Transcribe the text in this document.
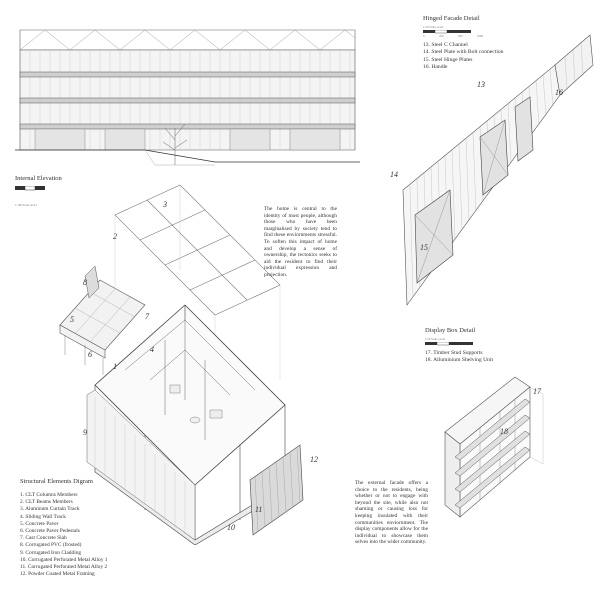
Internal Elevation
1:100 Scale on A1
Hinged Facade Detail
1:50 Scale on A1
0	250	500	1000
13. Steel C Channel
14. Steel Plate with Bolt connection
15. Steel Hinge Plates
16. Handle
13
14
15
16
The home is central to the identity of most people, although those who have been marginalised by society tend to find these enviornments stressful. To soften this impact of home and develop a sense of ownership, the tectonics seeks to aid the resident to find their individual expression and projection.
Display Box Detail
1:50 Scale on A1
17. Timber Stud Supports
18. Alluminium Shelving Unit
17
18
1
2
3
4
5
6
7
8
9
10
11
12
Structural Elements Digram
1. CLT Columns Members
2. CLT Beams Members
3. Aluminum Curtain Track
4. Sliding Wall Track
5. Concrete Paver
6. Concrete Paver Pedestals
7. Cast Concrete Slab
8. Corrugated PVC (frosted)
9. Corrugated Iron Cladding
10. Corrugated Perforated Metal Alloy 1
11. Corrugated Perforated Metal Alloy 2
12. Powder Coated Metal Framing
The external facade offers a choice to the residents, being whether or not to engage with beyond the site, while also not shaming or causing loss for keeping insulated with their communities enviornment. The display components allow for the individual to showcase them selves into the wider community.
